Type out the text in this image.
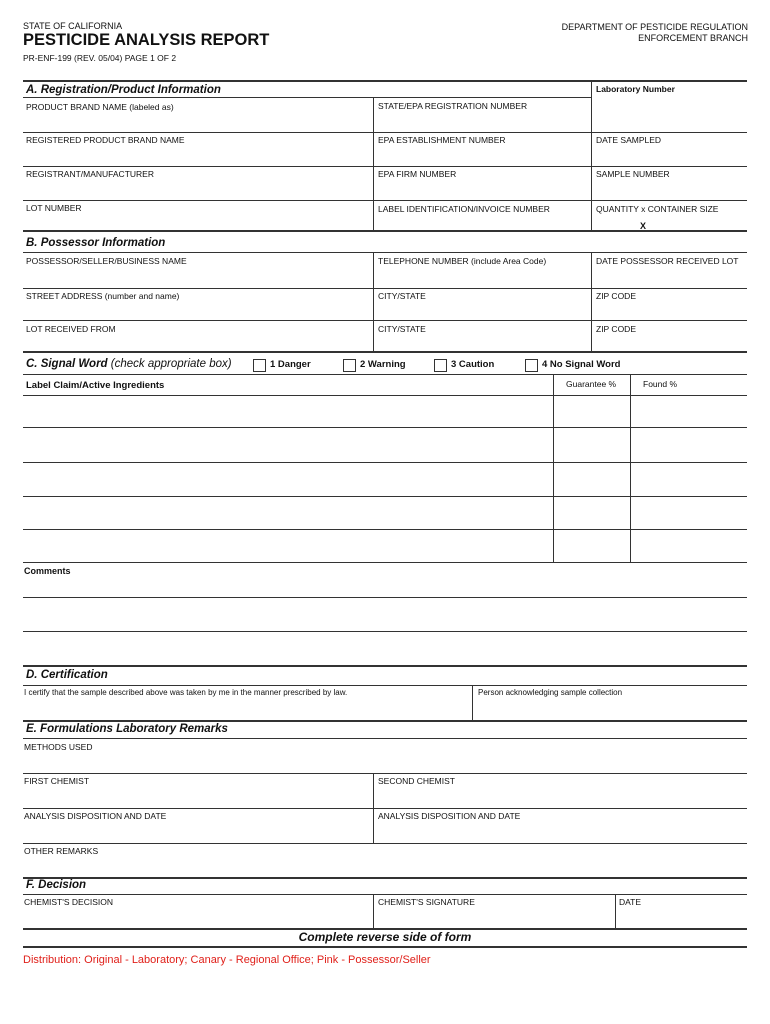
STATE OF CALIFORNIA
PESTICIDE ANALYSIS REPORT
PR-ENF-199 (REV. 05/04) PAGE 1 OF 2
DEPARTMENT OF PESTICIDE REGULATION
ENFORCEMENT BRANCH
A. Registration/Product Information	Laboratory Number
PRODUCT BRAND NAME (labeled as)	STATE/EPA REGISTRATION NUMBER
REGISTERED PRODUCT BRAND NAME	EPA ESTABLISHMENT NUMBER	DATE SAMPLED
REGISTRANT/MANUFACTURER	EPA FIRM NUMBER	SAMPLE NUMBER
LOT NUMBER	LABEL IDENTIFICATION/INVOICE NUMBER	QUANTITY x CONTAINER SIZE
X
B. Possessor Information
POSSESSOR/SELLER/BUSINESS NAME	TELEPHONE NUMBER (include Area Code)	DATE POSSESSOR RECEIVED LOT
STREET ADDRESS (number and name)	CITY/STATE	ZIP CODE
LOT RECEIVED FROM	CITY/STATE	ZIP CODE
C. Signal Word (check appropriate box)	1 Danger	2 Warning	3 Caution	4 No Signal Word
Label Claim/Active Ingredients	Guarantee %	Found %
Comments
D. Certification
I certify that the sample described above was taken by me in the manner prescribed by law.	Person acknowledging sample collection
E. Formulations Laboratory Remarks
METHODS USED
FIRST CHEMIST	SECOND CHEMIST
ANALYSIS DISPOSITION AND DATE	ANALYSIS DISPOSITION AND DATE
OTHER REMARKS
F. Decision
CHEMIST'S DECISION	CHEMIST'S SIGNATURE	DATE
Complete reverse side of form
Distribution: Original - Laboratory; Canary - Regional Office; Pink - Possessor/Seller
